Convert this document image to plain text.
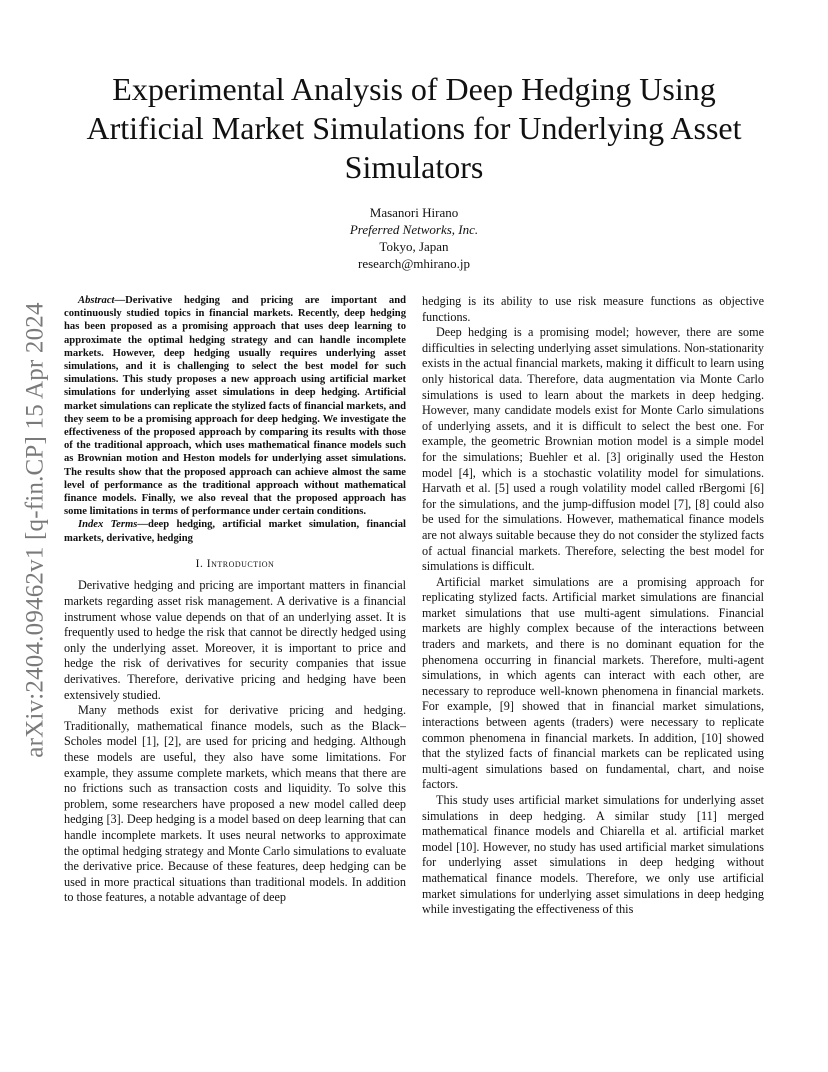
arXiv:2404.09462v1 [q-fin.CP] 15 Apr 2024
Experimental Analysis of Deep Hedging Using Artificial Market Simulations for Underlying Asset Simulators
Masanori Hirano
Preferred Networks, Inc.
Tokyo, Japan
research@mhirano.jp

Abstract—Derivative hedging and pricing are important and continuously studied topics in financial markets. Recently, deep hedging has been proposed as a promising approach that uses deep learning to approximate the optimal hedging strategy and can handle incomplete markets. However, deep hedging usually requires underlying asset simulations, and it is challenging to select the best model for such simulations. This study proposes a new approach using artificial market simulations for underlying asset simulations in deep hedging. Artificial market simulations can replicate the stylized facts of financial markets, and they seem to be a promising approach for deep hedging. We investigate the effectiveness of the proposed approach by comparing its results with those of the traditional approach, which uses mathematical finance models such as Brownian motion and Heston models for underlying asset simulations. The results show that the proposed approach can achieve almost the same level of performance as the traditional approach without mathematical finance models. Finally, we also reveal that the proposed approach has some limitations in terms of performance under certain conditions.

Index Terms—deep hedging, artificial market simulation, financial markets, derivative, hedging

I. Introduction

Derivative hedging and pricing are important matters in financial markets regarding asset risk management. A derivative is a financial instrument whose value depends on that of an underlying asset. It is frequently used to hedge the risk that cannot be directly hedged using only the underlying asset. Moreover, it is important to price and hedge the risk of derivatives for security companies that issue derivatives. Therefore, derivative pricing and hedging have been extensively studied.

Many methods exist for derivative pricing and hedging. Traditionally, mathematical finance models, such as the Black–Scholes model [1], [2], are used for pricing and hedging. Although these models are useful, they also have some limitations. For example, they assume complete markets, which means that there are no frictions such as transaction costs and liquidity. To solve this problem, some researchers have proposed a new model called deep hedging [3]. Deep hedging is a model based on deep learning that can handle incomplete markets. It uses neural networks to approximate the optimal hedging strategy and Monte Carlo simulations to evaluate the derivative price. Because of these features, deep hedging can be used in more practical situations than traditional models. In addition to those features, a notable advantage of deep

hedging is its ability to use risk measure functions as objective functions.

Deep hedging is a promising model; however, there are some difficulties in selecting underlying asset simulations. Non-stationarity exists in the actual financial markets, making it difficult to learn using only historical data. Therefore, data augmentation via Monte Carlo simulations is used to learn about the markets in deep hedging. However, many candidate models exist for Monte Carlo simulations of underlying assets, and it is difficult to select the best one. For example, the geometric Brownian motion model is a simple model for the simulations; Buehler et al. [3] originally used the Heston model [4], which is a stochastic volatility model for simulations. Harvath et al. [5] used a rough volatility model called rBergomi [6] for the simulations, and the jump-diffusion model [7], [8] could also be used for the simulations. However, mathematical finance models are not always suitable because they do not consider the stylized facts of actual financial markets. Therefore, selecting the best model for simulations is difficult.

Artificial market simulations are a promising approach for replicating stylized facts. Artificial market simulations are financial market simulations that use multi-agent simulations. Financial markets are highly complex because of the interactions between traders and markets, and there is no dominant equation for the phenomena occurring in financial markets. Therefore, multi-agent simulations, in which agents can interact with each other, are necessary to reproduce well-known phenomena in financial markets. For example, [9] showed that in financial market simulations, interactions between agents (traders) were necessary to replicate common phenomena in financial markets. In addition, [10] showed that the stylized facts of financial markets can be replicated using multi-agent simulations based on fundamental, chart, and noise factors.

This study uses artificial market simulations for underlying asset simulations in deep hedging. A similar study [11] merged mathematical finance models and Chiarella et al. artificial market model [10]. However, no study has used artificial market simulations for underlying asset simulations in deep hedging without mathematical finance models. Therefore, we only use artificial market simulations for underlying asset simulations in deep hedging while investigating the effectiveness of this
